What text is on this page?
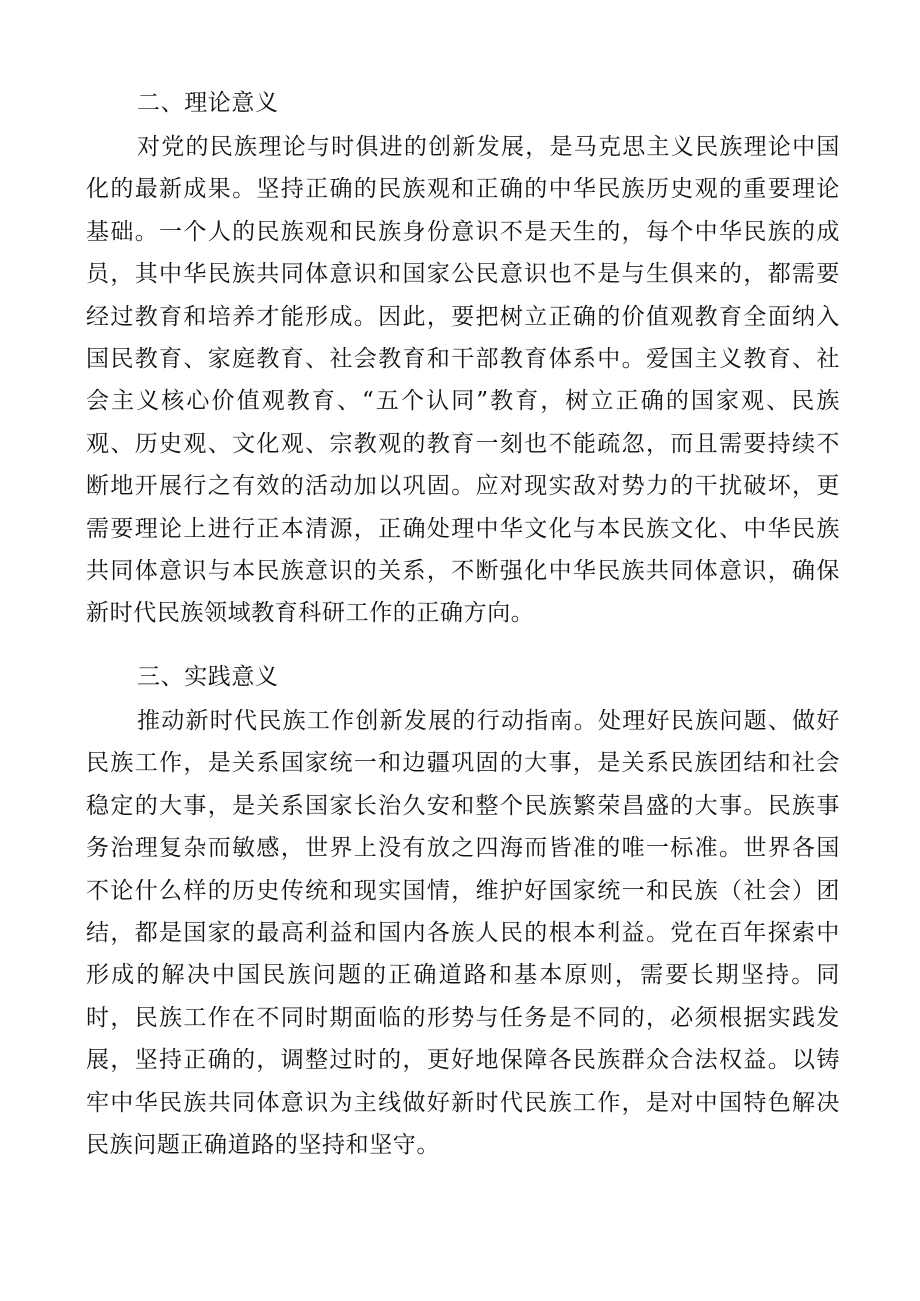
二、理论意义

对党的民族理论与时俱进的创新发展，是马克思主义民族理论中国化的最新成果。坚持正确的民族观和正确的中华民族历史观的重要理论基础。一个人的民族观和民族身份意识不是天生的，每个中华民族的成员，其中华民族共同体意识和国家公民意识也不是与生俱来的，都需要经过教育和培养才能形成。因此，要把树立正确的价值观教育全面纳入国民教育、家庭教育、社会教育和干部教育体系中。爱国主义教育、社会主义核心价值观教育、“五个认同”教育，树立正确的国家观、民族观、历史观、文化观、宗教观的教育一刻也不能疏忽，而且需要持续不断地开展行之有效的活动加以巩固。应对现实敌对势力的干扰破坏，更需要理论上进行正本清源，正确处理中华文化与本民族文化、中华民族共同体意识与本民族意识的关系，不断强化中华民族共同体意识，确保新时代民族领域教育科研工作的正确方向。

三、实践意义

推动新时代民族工作创新发展的行动指南。处理好民族问题、做好民族工作，是关系国家统一和边疆巩固的大事，是关系民族团结和社会稳定的大事，是关系国家长治久安和整个民族繁荣昌盛的大事。民族事务治理复杂而敏感，世界上没有放之四海而皆准的唯一标准。世界各国不论什么样的历史传统和现实国情，维护好国家统一和民族（社会）团结，都是国家的最高利益和国内各族人民的根本利益。党在百年探索中形成的解决中国民族问题的正确道路和基本原则，需要长期坚持。同时，民族工作在不同时期面临的形势与任务是不同的，必须根据实践发展，坚持正确的，调整过时的，更好地保障各民族群众合法权益。以铸牢中华民族共同体意识为主线做好新时代民族工作，是对中国特色解决民族问题正确道路的坚持和坚守。
